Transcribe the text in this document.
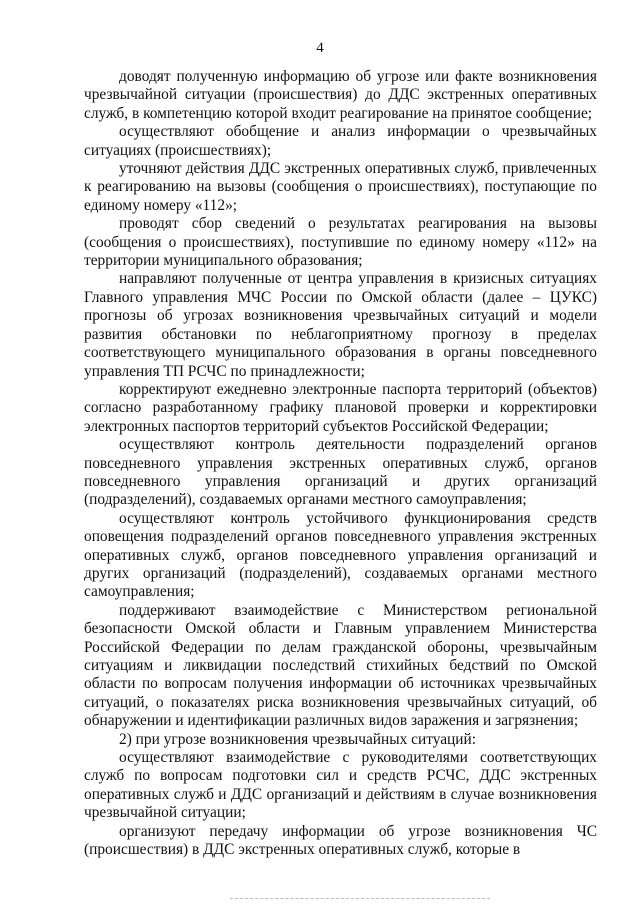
4

доводят полученную информацию об угрозе или факте возникновения чрезвычайной ситуации (происшествия) до ДДС экстренных оперативных служб, в компетенцию которой входит реагирование на принятое сообщение;

осуществляют обобщение и анализ информации о чрезвычайных ситуациях (происшествиях);

уточняют действия ДДС экстренных оперативных служб, привлеченных к реагированию на вызовы (сообщения о происшествиях), поступающие по единому номеру «112»;

проводят сбор сведений о результатах реагирования на вызовы (сообщения о происшествиях), поступившие по единому номеру «112» на территории муниципального образования;

направляют полученные от центра управления в кризисных ситуациях Главного управления МЧС России по Омской области (далее – ЦУКС) прогнозы об угрозах возникновения чрезвычайных ситуаций и модели развития обстановки по неблагоприятному прогнозу в пределах соответствующего муниципального образования в органы повседневного управления ТП РСЧС по принадлежности;

корректируют ежедневно электронные паспорта территорий (объектов) согласно разработанному графику плановой проверки и корректировки электронных паспортов территорий субъектов Российской Федерации;

осуществляют контроль деятельности подразделений органов повседневного управления экстренных оперативных служб, органов повседневного управления организаций и других организаций (подразделений), создаваемых органами местного самоуправления;

осуществляют контроль устойчивого функционирования средств оповещения подразделений органов повседневного управления экстренных оперативных служб, органов повседневного управления организаций и других организаций (подразделений), создаваемых органами местного самоуправления;

поддерживают взаимодействие с Министерством региональной безопасности Омской области и Главным управлением Министерства Российской Федерации по делам гражданской обороны, чрезвычайным ситуациям и ликвидации последствий стихийных бедствий по Омской области по вопросам получения информации об источниках чрезвычайных ситуаций, о показателях риска возникновения чрезвычайных ситуаций, об обнаружении и идентификации различных видов заражения и загрязнения;

2) при угрозе возникновения чрезвычайных ситуаций:

осуществляют взаимодействие с руководителями соответствующих служб по вопросам подготовки сил и средств РСЧС, ДДС экстренных оперативных служб и ДДС организаций и действиям в случае возникновения чрезвычайной ситуации;

организуют передачу информации об угрозе возникновения ЧС (происшествия) в ДДС экстренных оперативных служб, которые в
